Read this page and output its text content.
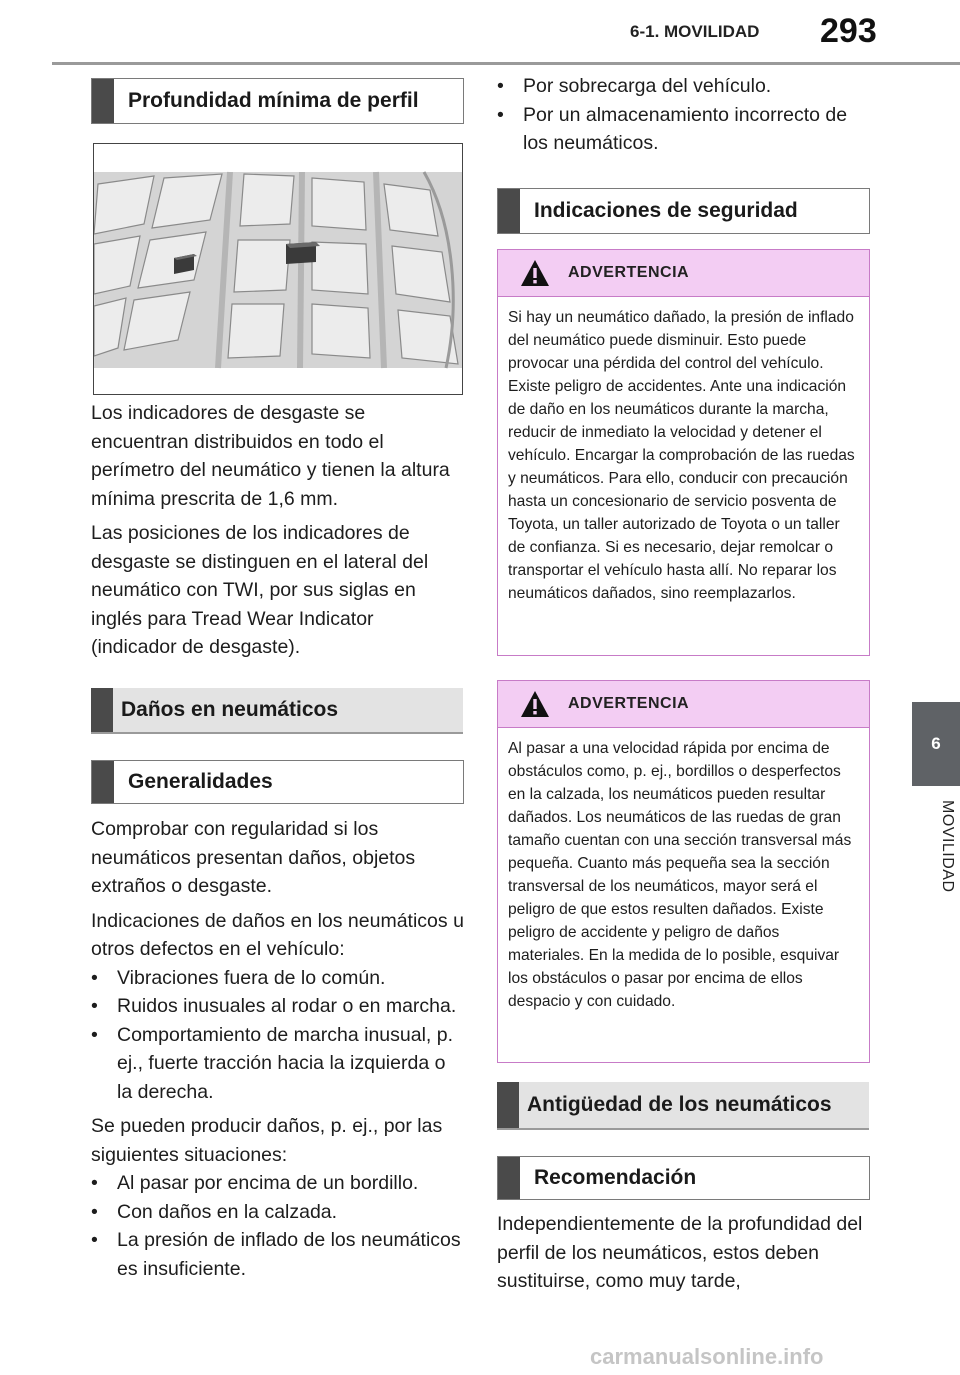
6-1. MOVILIDAD 293
6
MOVILIDAD
Profundidad mínima de perfil

Los indicadores de desgaste se encuentran distribuidos en todo el perímetro del neumático y tienen la altura mínima prescrita de 1,6 mm.

Las posiciones de los indicadores de desgaste se distinguen en el lateral del neumático con TWI, por sus siglas en inglés para Tread Wear Indicator (indicador de desgaste).

Daños en neumáticos
Generalidades

Comprobar con regularidad si los neumáticos presentan daños, objetos extraños o desgaste.

Indicaciones de daños en los neumáticos u otros defectos en el vehículo:

• Vibraciones fuera de lo común.
• Ruidos inusuales al rodar o en marcha.
• Comportamiento de marcha inusual, p. ej., fuerte tracción hacia la izquierda o la derecha.

Se pueden producir daños, p. ej., por las siguientes situaciones:

• Al pasar por encima de un bordillo.
• Con daños en la calzada.
• La presión de inflado de los neumáticos es insuficiente.
• Por sobrecarga del vehículo.
• Por un almacenamiento incorrecto de los neumáticos.
Indicaciones de seguridad
ADVERTENCIA
Si hay un neumático dañado, la presión de inflado del neumático puede disminuir. Esto puede provocar una pérdida del control del vehículo. Existe peligro de accidentes. Ante una indicación de daño en los neumáticos durante la marcha, reducir de inmediato la velocidad y detener el vehículo. Encargar la comprobación de las ruedas y neumáticos. Para ello, conducir con precaución hasta un concesionario de servicio posventa de Toyota, un taller autorizado de Toyota o un taller de confianza. Si es necesario, dejar remolcar o transportar el vehículo hasta allí. No reparar los neumáticos dañados, sino reemplazarlos.
ADVERTENCIA
Al pasar a una velocidad rápida por encima de obstáculos como, p. ej., bordillos o desperfectos en la calzada, los neumáticos pueden resultar dañados. Los neumáticos de las ruedas de gran tamaño cuentan con una sección transversal más pequeña. Cuanto más pequeña sea la sección transversal de los neumáticos, mayor será el peligro de que estos resulten dañados. Existe peligro de accidente y peligro de daños materiales. En la medida de lo posible, esquivar los obstáculos o pasar por encima de ellos despacio y con cuidado.
Antigüedad de los neumáticos
Recomendación

Independientemente de la profundidad del perfil de los neumáticos, estos deben sustituirse, como muy tarde,

carmanualsonline.info
